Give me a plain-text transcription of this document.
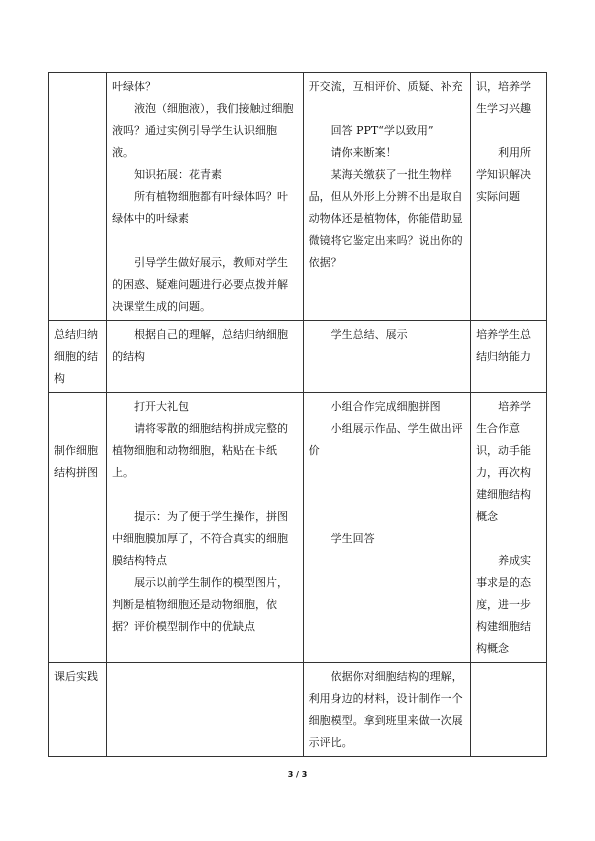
	叶绿体？
液泡（细胞液），我们接触过细胞液吗？通过实例引导学生认识细胞液。
知识拓展：花青素
所有植物细胞都有叶绿体吗？叶绿体中的叶绿素
引导学生做好展示，教师对学生的困惑、疑难问题进行必要点拨并解决课堂生成的问题。	开交流，互相评价、质疑、补充
回答 PPT“学以致用”
请你来断案！
某海关缴获了一批生物样品，但从外形上分辨不出是取自动物体还是植物体，你能借助显微镜将它鉴定出来吗？说出你的依据？	识，培养学生学习兴趣
利用所学知识解决实际问题

总结归纳细胞的结构	根据自己的理解，总结归纳细胞的结构	学生总结、展示	培养学生总结归纳能力

制作细胞结构拼图	打开大礼包
请将零散的细胞结构拼成完整的植物细胞和动物细胞，粘贴在卡纸上。
提示：为了便于学生操作，拼图中细胞膜加厚了，不符合真实的细胞膜结构特点
展示以前学生制作的模型图片，判断是植物细胞还是动物细胞，依据？评价模型制作中的优缺点	小组合作完成细胞拼图
小组展示作品、学生做出评价
学生回答	培养学生合作意识，动手能力，再次构建细胞结构概念
养成实事求是的态度，进一步构建细胞结构概念

课后实践		依据你对细胞结构的理解，利用身边的材料，设计制作一个细胞模型。拿到班里来做一次展示评比。	

3 / 3
